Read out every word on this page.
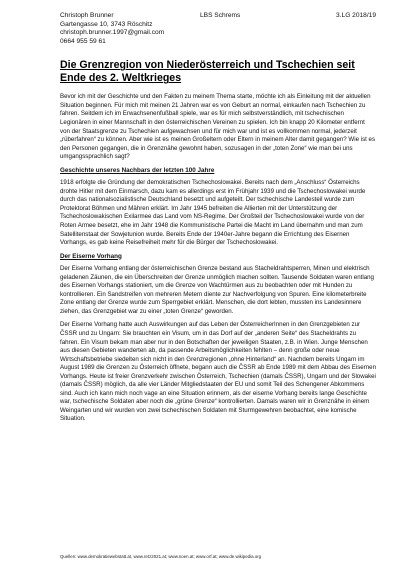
Christoph Brunner
Gartengasse 10, 3743 Röschitz
christoph.brunner.1997@gmail.com
0664 955 59 61
LBS Schrems	3.LG 2018/19
Die Grenzregion von Niederösterreich und Tschechien seit Ende des 2. Weltkrieges

Bevor ich mit der Geschichte und den Fakten zu meinem Thema starte, möchte ich als Einleitung mit der aktuellen Situation beginnen. Für mich mit meinen 21 Jahren war es von Geburt an normal, einkaufen nach Tschechien zu fahren. Seitdem ich im Erwachsenenfußball spiele, war es für mich selbstverständlich, mit tschechischen Legionären in einer Mannschaft in den österreichischen Vereinen zu spielen. Ich bin knapp 20 Kilometer entfernt von der Staatsgrenze zu Tschechien aufgewachsen und für mich war und ist es vollkommen normal, jederzeit „rüberfahren“ zu können. Aber wie ist es meinen Großeltern oder Eltern in meinem Alter damit gegangen? Wie ist es den Personen gegangen, die in Grenznähe gewohnt haben, sozusagen in der „toten Zone“ wie man bei uns umgangssprachlich sagt?

Geschichte unseres Nachbars der letzten 100 Jahre

1918 erfolgte die Gründung der demokratischen Tschechoslowakei. Bereits nach dem „Anschluss“ Österreichs drohte Hitler mit dem Einmarsch, dazu kam es allerdings erst im Frühjahr 1939 und die Tschechoslowakei wurde durch das nationalsozialistische Deutschland besetzt und aufgeteilt. Der tschechische Landesteil wurde zum Protektorat Böhmen und Mähren erklärt. Im Jahr 1945 befreiten die Allierten mit der Unterstützung der Tschechoslowakischen Exilarmee das Land vom NS-Regime. Der Großteil der Tschechoslowakei wurde von der Roten Armee besetzt, ehe im Jahr 1948 die Kommunistische Partei die Macht im Land übernahm und man zum Satellitenstaat der Sowjetunion wurde. Bereits Ende der 1940er-Jahre begann die Errichtung des Eisernen Vorhangs, es gab keine Reisefreiheit mehr für die Bürger der Tschechoslowakei.

Der Eiserne Vorhang

Der Eiserne Vorhang entlang der österreichischen Grenze bestand aus Stacheldrahtsperren, Minen und elektrisch geladenen Zäunen, die ein Überschreiten der Grenze unmöglich machen sollten. Tausende Soldaten waren entlang des Eisernen Vorhangs stationiert, um die Grenze von Wachtürmen aus zu beobachten oder mit Hunden zu kontrollieren. Ein Sandstreifen von mehreren Metern diente zur Nachverfolgung von Spuren. Eine kilometerbreite Zone entlang der Grenze wurde zum Sperrgebiet erklärt. Menschen, die dort lebten, mussten ins Landesinnere ziehen, das Grenzgebiet war zu einer „toten Grenze“ geworden.

Der Eiserne Vorhang hatte auch Auswirkungen auf das Leben der ÖsterreicherInnen in den Grenzgebieten zur ČSSR und zu Ungarn: Sie brauchten ein Visum, um in das Dorf auf der „anderen Seite“ des Stacheldrahts zu fahren. Ein Visum bekam man aber nur in den Botschaften der jeweiligen Staaten, z.B. in Wien. Junge Menschen aus diesen Gebieten wanderten ab, da passende Arbeitsmöglichkeiten fehlten – denn große oder neue Wirtschaftsbetriebe siedelten sich nicht in den Grenzregionen „ohne Hinterland“ an. Nachdem bereits Ungarn im August 1989 die Grenzen zu Österreich öffnete, begann auch die ČSSR ab Ende 1989 mit dem Abbau des Eisernen Vorhangs. Heute ist freier Grenzverkehr zwischen Österreich, Tschechien (damals ČSSR), Ungarn und der Slowakei (damals ČSSR) möglich, da alle vier Länder Mitgliedstaaten der EU und somit Teil des Schengener Abkommens sind. Auch ich kann mich noch vage an eine Situation erinnern, als der eiserne Vorhang bereits lange Geschichte war, tschechische Soldaten aber noch die „grüne Grenze“ kontrollierten. Damals waren wir in Grenznähe in einem Weingarten und wir wurden von zwei tschechischen Soldaten mit Sturmgewehren beobachtet, eine komische Situation.

Quellen: www.demokratiewebstatt.at, www.retz2021.at; www.noen.at; www.orf.at; www.de.wikipedia.org
